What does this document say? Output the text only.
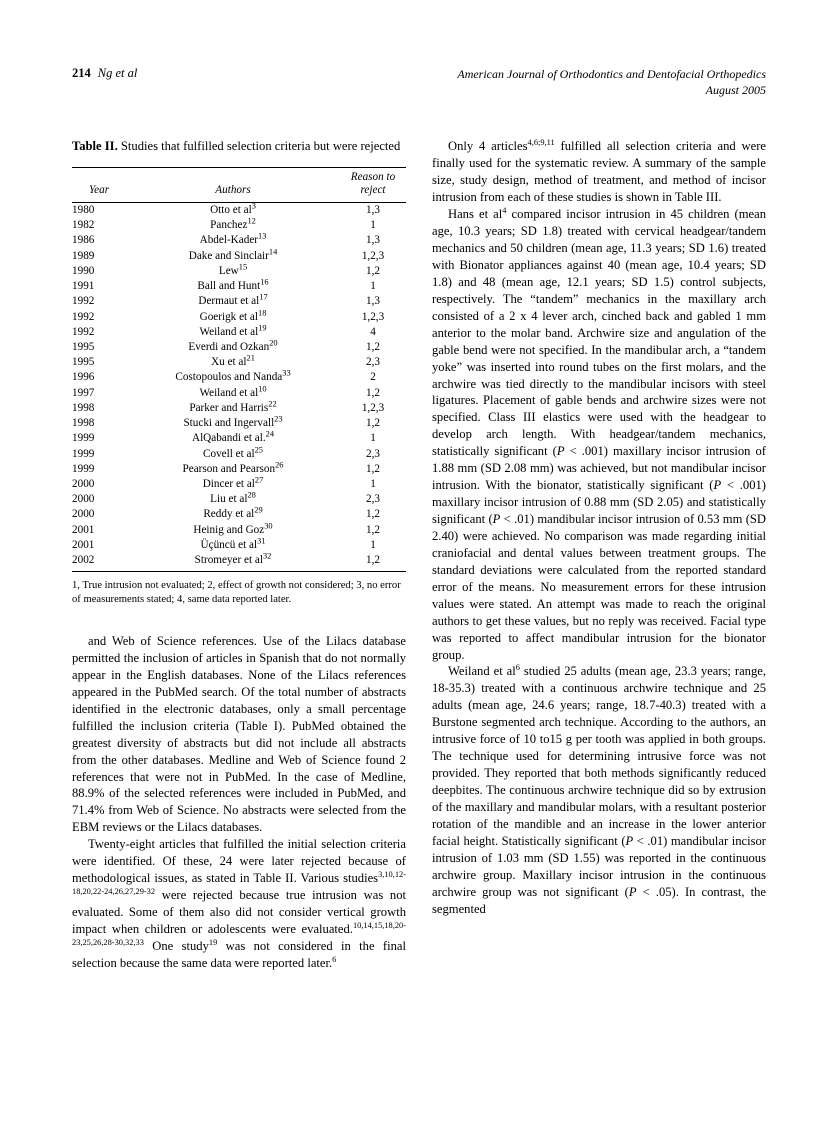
214 Ng et al	American Journal of Orthodontics and Dentofacial Orthopedics
August 2005
Table II. Studies that fulfilled selection criteria but were rejected
Year	Authors	Reason to
reject
1980	Otto et $al^3$	1,3
1982	Panchez$^{12}$	1
1986	Abdel-Kader$^{13}$	1,3
1989	Dake and Sinclair$^{14}$	1,2,3
1990	Lew$^{15}$	1,2
1991	Ball and Hunt$^{16}$	1
1992	Dermaut et $al^{17}$	1,3
1992	Goerigk et $al^{18}$	1,2,3
1992	Weiland et $al^{19}$	4
1995	Everdi and Ozkan$^{20}$	1,2
1995	Xu et $al^{21}$	2,3
1996	Costopoulos and Nanda$^{33}$	2
1997	Weiland et $al^{10}$	1,2
1998	Parker and Harris$^{22}$	1,2,3
1998	Stucki and Ingervall$^{23}$	1,2
1999	AlQabandi et al.$^{24}$	1
1999	Covell et $al^{25}$	2,3
1999	Pearson and Pearson$^{26}$	1,2
2000	Dincer et $al^{27}$	1
2000	Liu et $al^{28}$	2,3
2000	Reddy et $al^{29}$	1,2
2001	Heinig and Goz$^{30}$	1,2
2001	Üçüncü et $al^{31}$	1
2002	Stromeyer et $al^{32}$	1,2
1, True intrusion not evaluated; 2, effect of growth not considered; 3, no error of measurements stated; 4, same data reported later.

and Web of Science references. Use of the Lilacs database permitted the inclusion of articles in Spanish that do not normally appear in the English databases. None of the Lilacs references appeared in the PubMed search. Of the total number of abstracts identified in the electronic databases, only a small percentage fulfilled the inclusion criteria (Table I). PubMed obtained the greatest diversity of abstracts but did not include all abstracts from the other databases. Medline and Web of Science found 2 references that were not in PubMed. In the case of Medline, 88.9% of the selected references were included in PubMed, and 71.4% from Web of Science. No abstracts were selected from the EBM reviews or the Lilacs databases.

Twenty-eight articles that fulfilled the initial selection criteria were identified. Of these, 24 were later rejected because of methodological issues, as stated in Table II. Various studies$^{3,10,12-18,20,22-24,26,27,29-32}$ were rejected because true intrusion was not evaluated. Some of them also did not consider vertical growth impact when children or adolescents were evaluated.$^{10,14,15,18,20-23,25,26,28-30,32,33}$ One study$^{19}$ was not considered in the final selection because the same data were reported later.$^6$

Only 4 articles$^{4,6;9,11}$ fulfilled all selection criteria and were finally used for the systematic review. A summary of the sample size, study design, method of treatment, and method of incisor intrusion from each of these studies is shown in Table III.

Hans et $al^4$ compared incisor intrusion in 45 children (mean age, 10.3 years; SD 1.8) treated with cervical headgear/tandem mechanics and 50 children (mean age, 11.3 years; SD 1.6) treated with Bionator appliances against 40 (mean age, 10.4 years; SD 1.8) and 48 (mean age, 12.1 years; SD 1.5) control subjects, respectively. The “tandem” mechanics in the maxillary arch consisted of a 2 x 4 lever arch, cinched back and gabled 1 mm anterior to the molar band. Archwire size and angulation of the gable bend were not specified. In the mandibular arch, a “tandem yoke” was inserted into round tubes on the first molars, and the archwire was tied directly to the mandibular incisors with steel ligatures. Placement of gable bends and archwire sizes were not specified. Class III elastics were used with the headgear to develop arch length. With headgear/tandem mechanics, statistically significant (P < .001) maxillary incisor intrusion of 1.88 mm (SD 2.08 mm) was achieved, but not mandibular incisor intrusion. With the bionator, statistically significant (P < .001) maxillary incisor intrusion of 0.88 mm (SD 2.05) and statistically significant (P < .01) mandibular incisor intrusion of 0.53 mm (SD 2.40) were achieved. No comparison was made regarding initial craniofacial and dental values between treatment groups. The standard deviations were calculated from the reported standard error of the means. No measurement errors for these intrusion values were stated. An attempt was made to reach the original authors to get these values, but no reply was received. Facial type was reported to affect mandibular intrusion for the bionator group.

Weiland et $al^6$ studied 25 adults (mean age, 23.3 years; range, 18-35.3) treated with a continuous archwire technique and 25 adults (mean age, 24.6 years; range, 18.7-40.3) treated with a Burstone segmented arch technique. According to the authors, an intrusive force of 10 to15 g per tooth was applied in both groups. The technique used for determining intrusive force was not provided. They reported that both methods significantly reduced deepbites. The continuous archwire technique did so by extrusion of the maxillary and mandibular molars, with a resultant posterior rotation of the mandible and an increase in the lower anterior facial height. Statistically significant (P < .01) mandibular incisor intrusion of 1.03 mm (SD 1.55) was reported in the continuous archwire group. Maxillary incisor intrusion in the continuous archwire group was not significant (P < .05). In contrast, the segmented
